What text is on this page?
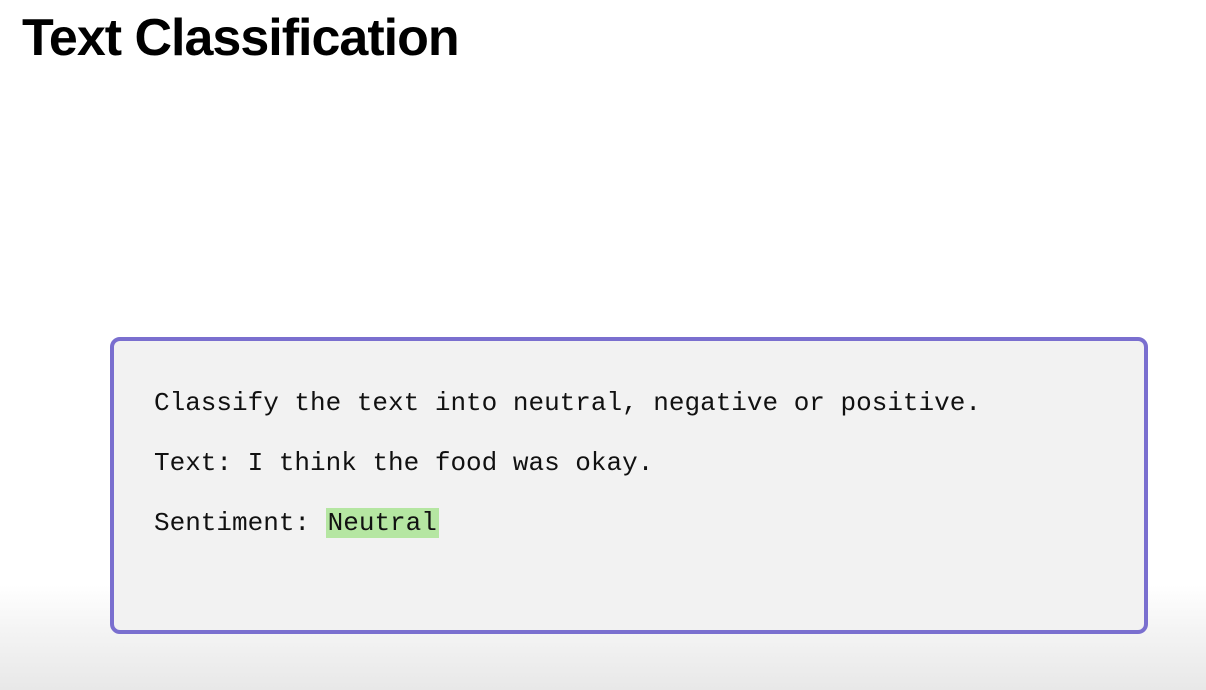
Text Classification

Classify the text into neutral, negative or positive.

Text: I think the food was okay.

Sentiment: Neutral
